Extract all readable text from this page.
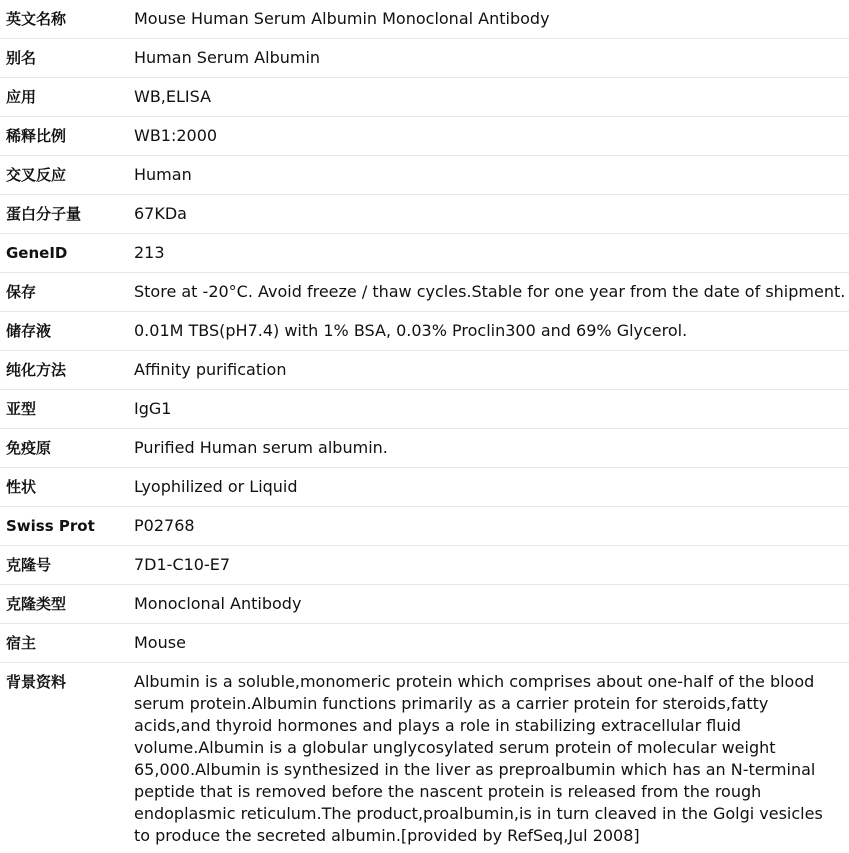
英文名称	Mouse Human Serum Albumin Monoclonal Antibody
别名	Human Serum Albumin
应用	WB,ELISA
稀释比例	WB1:2000
交叉反应	Human
蛋白分子量	67KDa
GeneID	213
保存	Store at -20°C. Avoid freeze / thaw cycles.Stable for one year from the date of shipment.
储存液	0.01M TBS(pH7.4) with 1% BSA, 0.03% Proclin300 and 69% Glycerol.
纯化方法	Affinity purification
亚型	IgG1
免疫原	Purified Human serum albumin.
性状	Lyophilized or Liquid
Swiss Prot	P02768
克隆号	7D1-C10-E7
克隆类型	Monoclonal Antibody
宿主	Mouse
背景资料	Albumin is a soluble,monomeric protein which comprises about one-half of the blood serum protein.Albumin functions primarily as a carrier protein for steroids,fatty acids,and thyroid hormones and plays a role in stabilizing extracellular fluid volume.Albumin is a globular unglycosylated serum protein of molecular weight 65,000.Albumin is synthesized in the liver as preproalbumin which has an N-terminal peptide that is removed before the nascent protein is released from the rough endoplasmic reticulum.The product,proalbumin,is in turn cleaved in the Golgi vesicles to produce the secreted albumin.[provided by RefSeq,Jul 2008]
